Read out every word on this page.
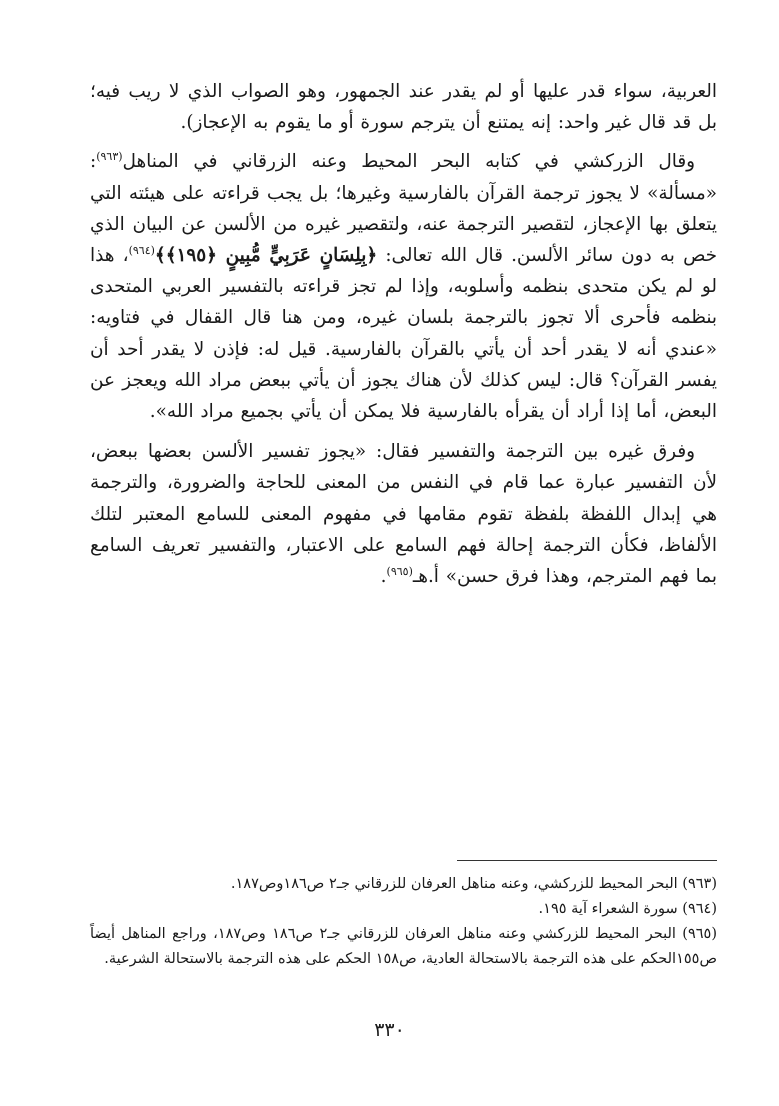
العربية، سواء قدر عليها أو لم يقدر عند الجمهور، وهو الصواب الذي لا ريب فيه؛ بل قد قال غير واحد: إنه يمتنع أن يترجم سورة أو ما يقوم به الإعجاز).

وقال الزركشي في كتابه البحر المحيط وعنه الزرقاني في المناهل$^{(٩٦٣)}$: «مسألة» لا يجوز ترجمة القرآن بالفارسية وغيرها؛ بل يجب قراءته على هيئته التي يتعلق بها الإعجاز، لتقصير الترجمة عنه، ولتقصير غيره من الألسن عن البيان الذي خص به دون سائر الألسن. قال الله تعالى: ﴿بِلِسَانٍ عَرَبِيٍّ مُّبِينٍ ﴿١٩٥﴾﴾$^{(٩٦٤)}$، هذا لو لم يكن متحدى بنظمه وأسلوبه، وإذا لم تجز قراءته بالتفسير العربي المتحدى بنظمه فأحرى ألا تجوز بالترجمة بلسان غيره، ومن هنا قال القفال في فتاويه: «عندي أنه لا يقدر أحد أن يأتي بالقرآن بالفارسية. قيل له: فإذن لا يقدر أحد أن يفسر القرآن؟ قال: ليس كذلك لأن هناك يجوز أن يأتي ببعض مراد الله ويعجز عن البعض، أما إذا أراد أن يقرأه بالفارسية فلا يمكن أن يأتي بجميع مراد الله».

وفرق غيره بين الترجمة والتفسير فقال: «يجوز تفسير الألسن بعضها ببعض، لأن التفسير عبارة عما قام في النفس من المعنى للحاجة والضرورة، والترجمة هي إبدال اللفظة بلفظة تقوم مقامها في مفهوم المعنى للسامع المعتبر لتلك الألفاظ، فكأن الترجمة إحالة فهم السامع على الاعتبار، والتفسير تعريف السامع بما فهم المترجم، وهذا فرق حسن» أ.هـ$^{(٩٦٥)}$.

(٩٦٣) البحر المحيط للزركشي، وعنه مناهل العرفان للزرقاني جـ٢ ص١٨٦وص١٨٧.

(٩٦٤) سورة الشعراء آية ١٩٥.

(٩٦٥) البحر المحيط للزركشي وعنه مناهل العرفان للزرقاني جـ٢ ص١٨٦ وص١٨٧، وراجع المناهل أيضاً ص١٥٥الحكم على هذه الترجمة بالاستحالة العادية، ص١٥٨ الحكم على هذه الترجمة بالاستحالة الشرعية.

٣٣٠
